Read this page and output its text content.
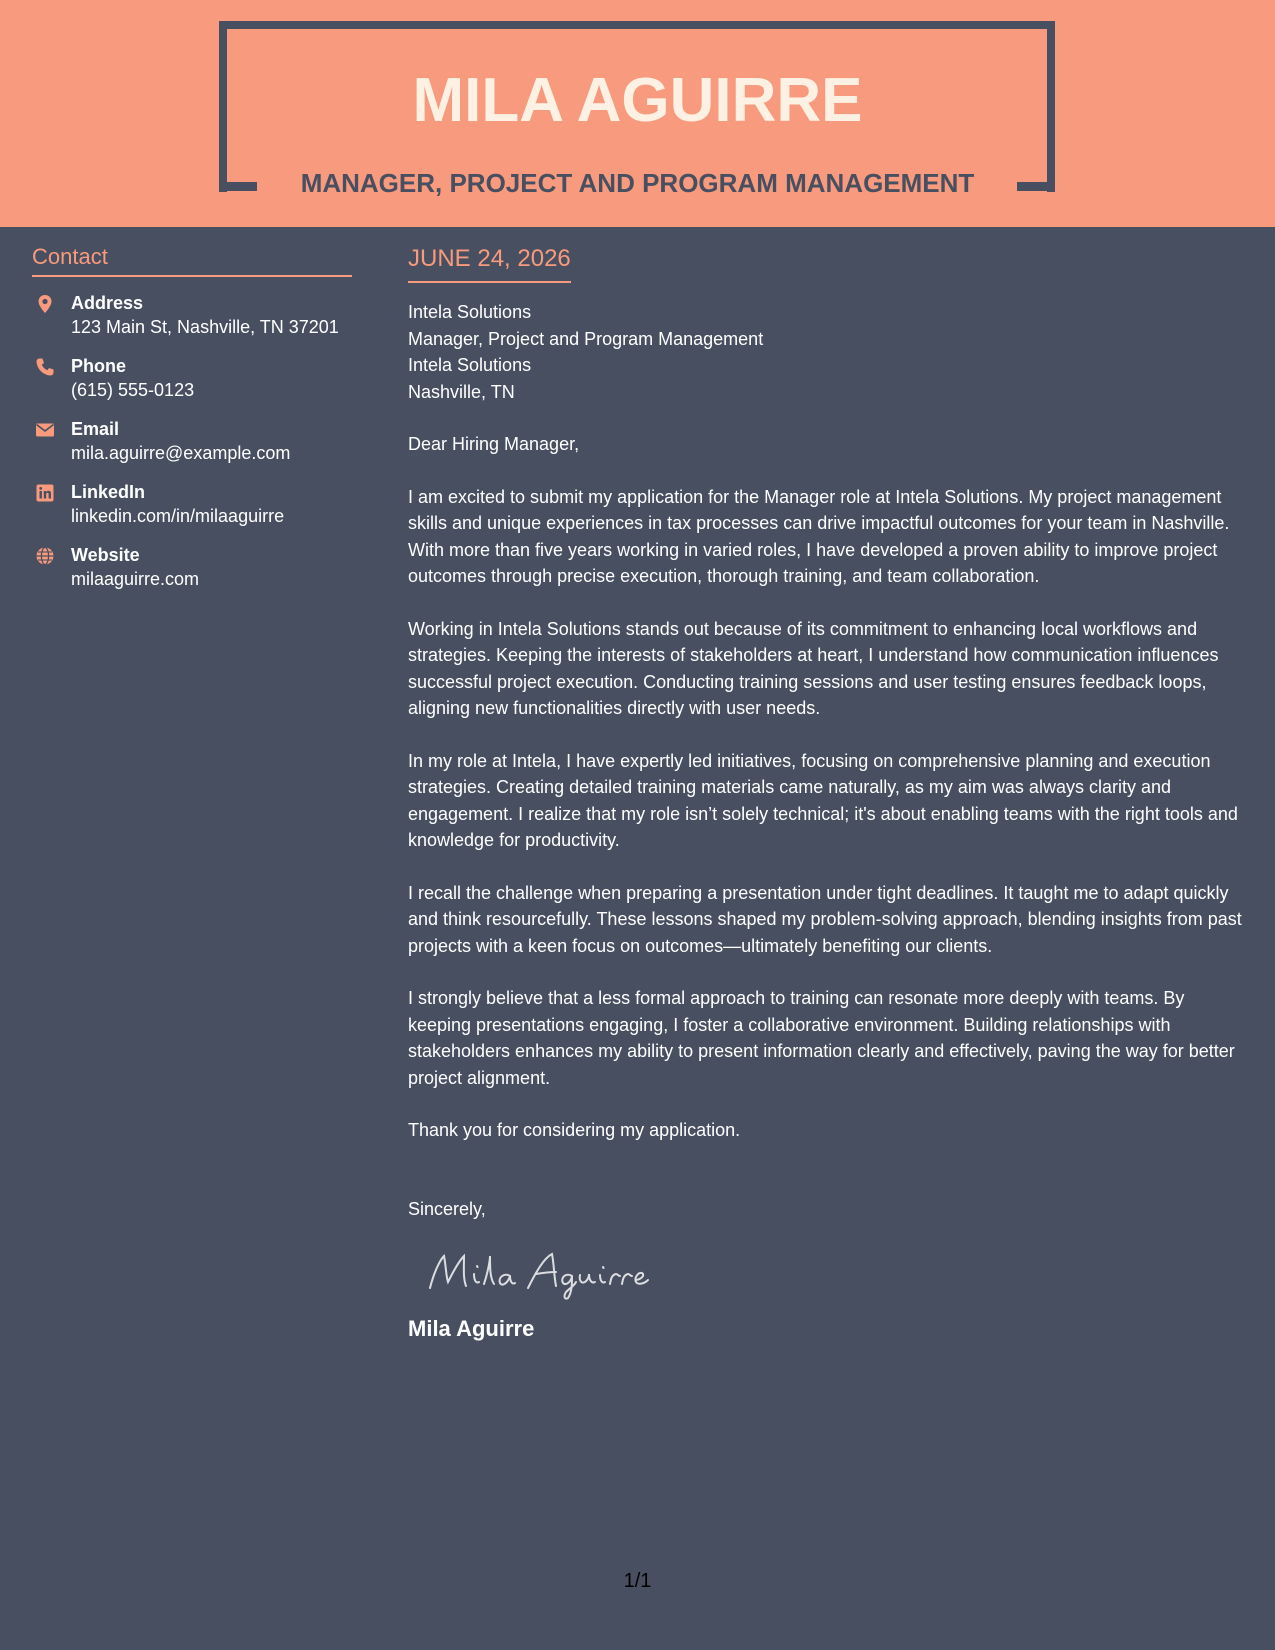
MILA AGUIRRE
MANAGER, PROJECT AND PROGRAM MANAGEMENT
Contact
Address
123 Main St, Nashville, TN 37201
Phone
(615) 555-0123
Email
mila.aguirre@example.com
LinkedIn
linkedin.com/in/milaaguirre
Website
milaaguirre.com
JUNE 24, 2026
Intela Solutions
Manager, Project and Program Management
Intela Solutions
Nashville, TN

Dear Hiring Manager,

I am excited to submit my application for the Manager role at Intela Solutions. My project management skills and unique experiences in tax processes can drive impactful outcomes for your team in Nashville. With more than five years working in varied roles, I have developed a proven ability to improve project outcomes through precise execution, thorough training, and team collaboration.

Working in Intela Solutions stands out because of its commitment to enhancing local workflows and strategies. Keeping the interests of stakeholders at heart, I understand how communication influences successful project execution. Conducting training sessions and user testing ensures feedback loops, aligning new functionalities directly with user needs.

In my role at Intela, I have expertly led initiatives, focusing on comprehensive planning and execution strategies. Creating detailed training materials came naturally, as my aim was always clarity and engagement. I realize that my role isn’t solely technical; it's about enabling teams with the right tools and knowledge for productivity.

I recall the challenge when preparing a presentation under tight deadlines. It taught me to adapt quickly and think resourcefully. These lessons shaped my problem-solving approach, blending insights from past projects with a keen focus on outcomes—ultimately benefiting our clients.

I strongly believe that a less formal approach to training can resonate more deeply with teams. By keeping presentations engaging, I foster a collaborative environment. Building relationships with stakeholders enhances my ability to present information clearly and effectively, paving the way for better project alignment.

Thank you for considering my application.

Sincerely,

Mila Aguirre
1/1
